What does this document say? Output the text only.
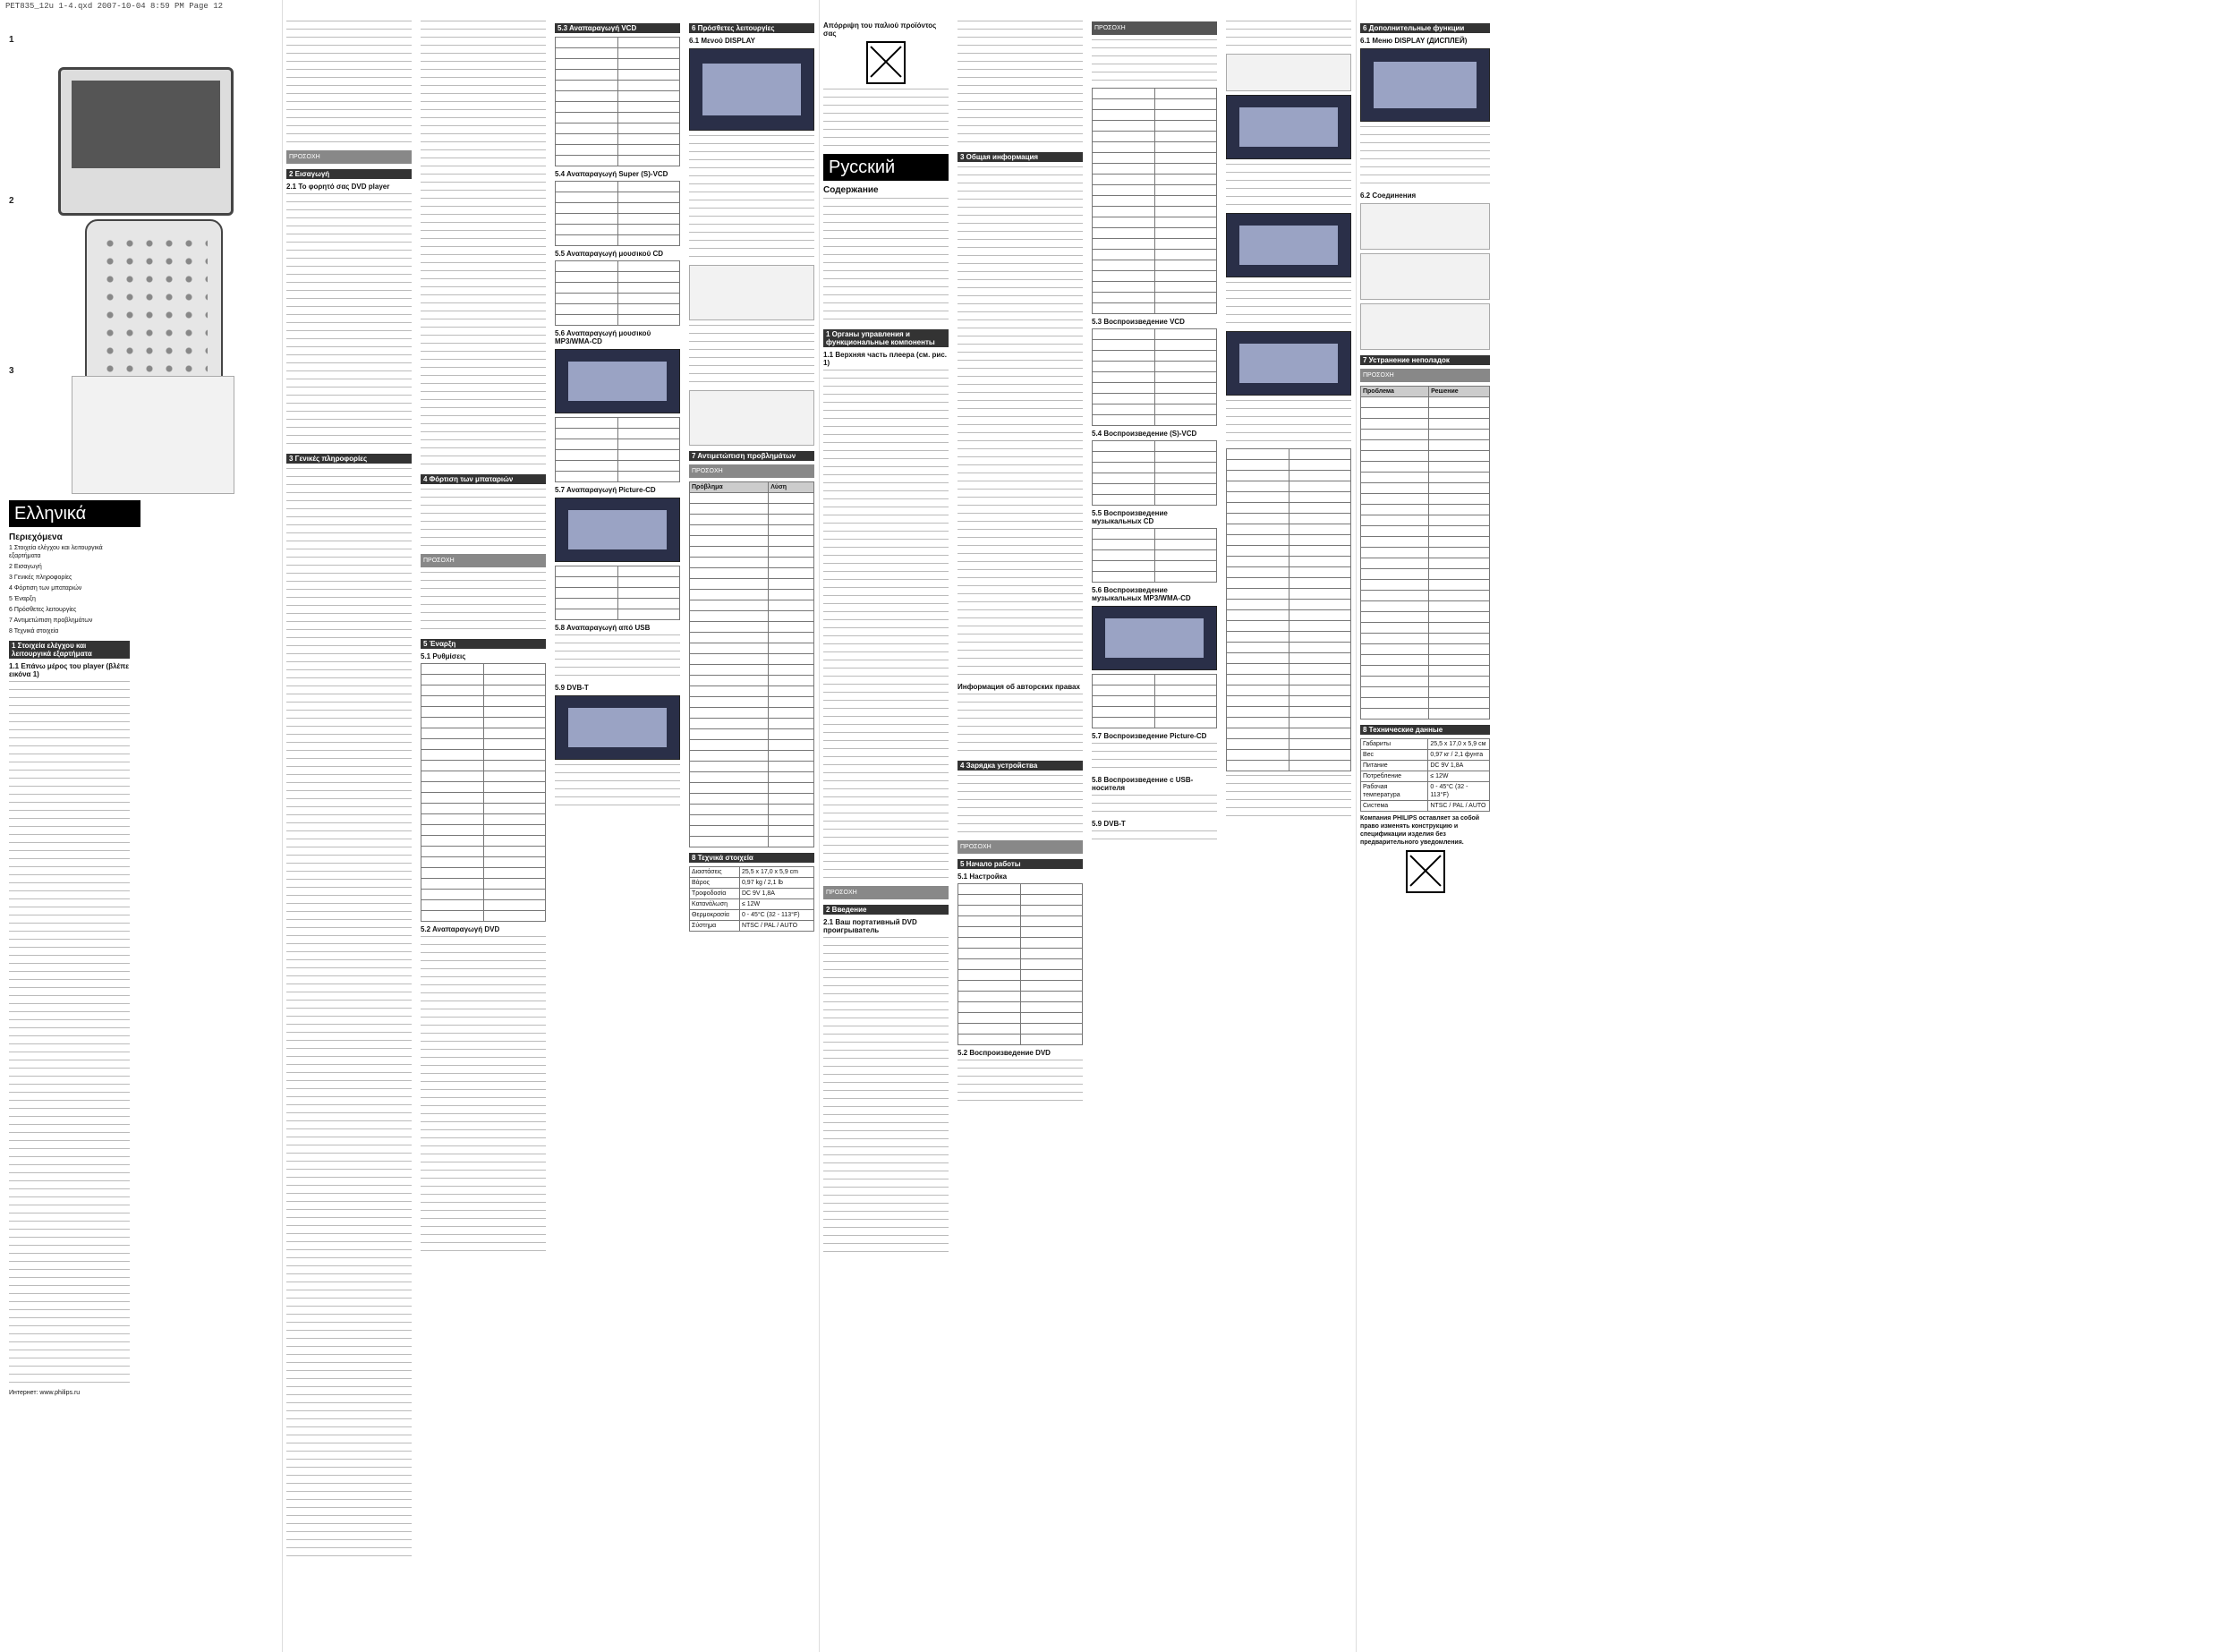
PET835_12u 1-4.qxd 2007-10-04 8:59 PM Page 12
1
2
3
Ελληνικά
Περιεχόμενα

1 Στοιχεία ελέγχου και λειτουργικά εξαρτήματα

2 Εισαγωγή

3 Γενικές πληροφορίες

4 Φόρτιση των μπαταριών

5 Έναρξη

6 Πρόσθετες λειτουργίες

7 Αντιμετώπιση προβλημάτων

8 Τεχνικά στοιχεία

1 Στοιχεία ελέγχου και λειτουργικά εξαρτήματα
1.1 Επάνω μέρος του player (βλέπε εικόνα 1)

Интернет: www.philips.ru

ΠΡΟΣΟΧΗ
2 Εισαγωγή
2.1 Το φορητό σας DVD player
3 Γενικές πληροφορίες
4 Φόρτιση των μπαταριών
ΠΡΟΣΟΧΗ
5 Έναρξη
5.1 Ρυθμίσεις

5.2 Αναπαραγωγή DVD
5.3 Αναπαραγωγή VCD

5.4 Αναπαραγωγή Super (S)-VCD

5.5 Αναπαραγωγή μουσικού CD

5.6 Αναπαραγωγή μουσικού MP3/WMA-CD

5.7 Αναπαραγωγή Picture-CD

5.8 Αναπαραγωγή από USB
5.9 DVB-T
6 Πρόσθετες λειτουργίες
6.1 Μενού DISPLAY
7 Αντιμετώπιση προβλημάτων
ΠΡΟΣΟΧΗ
Πρόβλημα	Λύση

8 Τεχνικά στοιχεία
Διαστάσεις	25,5 x 17,0 x 5,9 cm
Βάρος	0,97 kg / 2,1 lb
Τροφοδοσία	DC 9V 1,8A
Κατανάλωση	≤ 12W
Θερμοκρασία	0 - 45°C (32 - 113°F)
Σύστημα	NTSC / PAL / AUTO
Απόρριψη του παλιού προϊόντος σας
Русский
Содержание
1 Органы управления и функциональные компоненты
1.1 Верхняя часть плеера (см. рис. 1)
ΠΡΟΣΟΧΗ
2 Введение
2.1 Ваш портативный DVD проигрыватель
3 Общая информация
Информация об авторских правах
4 Зарядка устройства
ΠΡΟΣΟΧΗ
5 Начало работы
5.1 Настройка

5.2 Воспроизведение DVD
ΠΡΟΣΟΧΗ

5.3 Воспроизведение VCD

5.4 Воспроизведение (S)-VCD

5.5 Воспроизведение музыкальных CD

5.6 Воспроизведение музыкальных MP3/WMA-CD

5.7 Воспроизведение Picture-CD
5.8 Воспроизведение с USB-носителя
5.9 DVB-T

6 Дополнительные функции
6.1 Меню DISPLAY (ДИСПЛЕЙ)
6.2 Соединения
7 Устранение неполадок
ΠΡΟΣΟΧΗ
Проблема	Решение

8 Технические данные
Габариты	25,5 x 17,0 x 5,9 см
Вес	0,97 кг / 2,1 фунта
Питание	DC 9V 1,8A
Потребление	≤ 12W
Рабочая температура	0 - 45°C (32 - 113°F)
Система	NTSC / PAL / AUTO

Компания PHILIPS оставляет за собой право изменять конструкцию и спецификации изделия без предварительного уведомления.
